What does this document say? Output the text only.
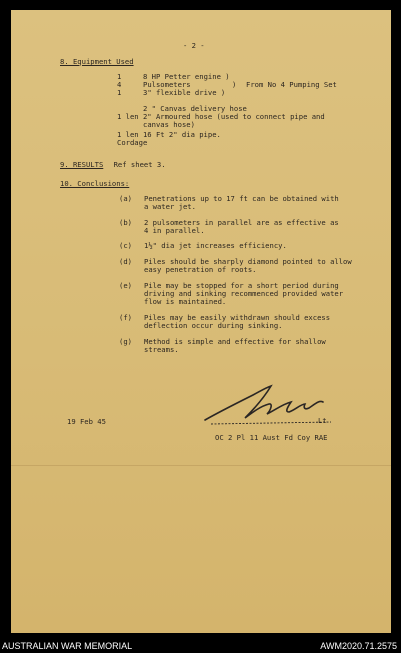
- 2 -
8. Equipment Used
1	8 HP Petter engine )
4	Pulsometers	) From No 4 Pumping Set
1	3" flexible drive )
2 " Canvas delivery hose
1 len 2" Armoured hose (used to connect pipe and
canvas hose)
1 len 16 Ft 2" dia pipe.
Cordage
9. RESULTS Ref sheet 3.
10. Conclusions:
(a) Penetrations up to 17 ft can be obtained with
a water jet.
(b) 2 pulsometers in parallel are as effective as
4 in parallel.
(c) 1½" dia jet increases efficiency.
(d) Piles should be sharply diamond pointed to allow
easy penetration of roots.
(e) Pile may be stopped for a short period during
driving and sinking recommenced provided water
flow is maintained.
(f) Piles may be easily withdrawn should excess
deflection occur during sinking.
(g) Method is simple and effective for shallow
streams.
Lt
19 Feb 45
OC 2 Pl 11 Aust Fd Coy RAE
AUSTRALIAN WAR MEMORIAL	AWM2020.71.2575
